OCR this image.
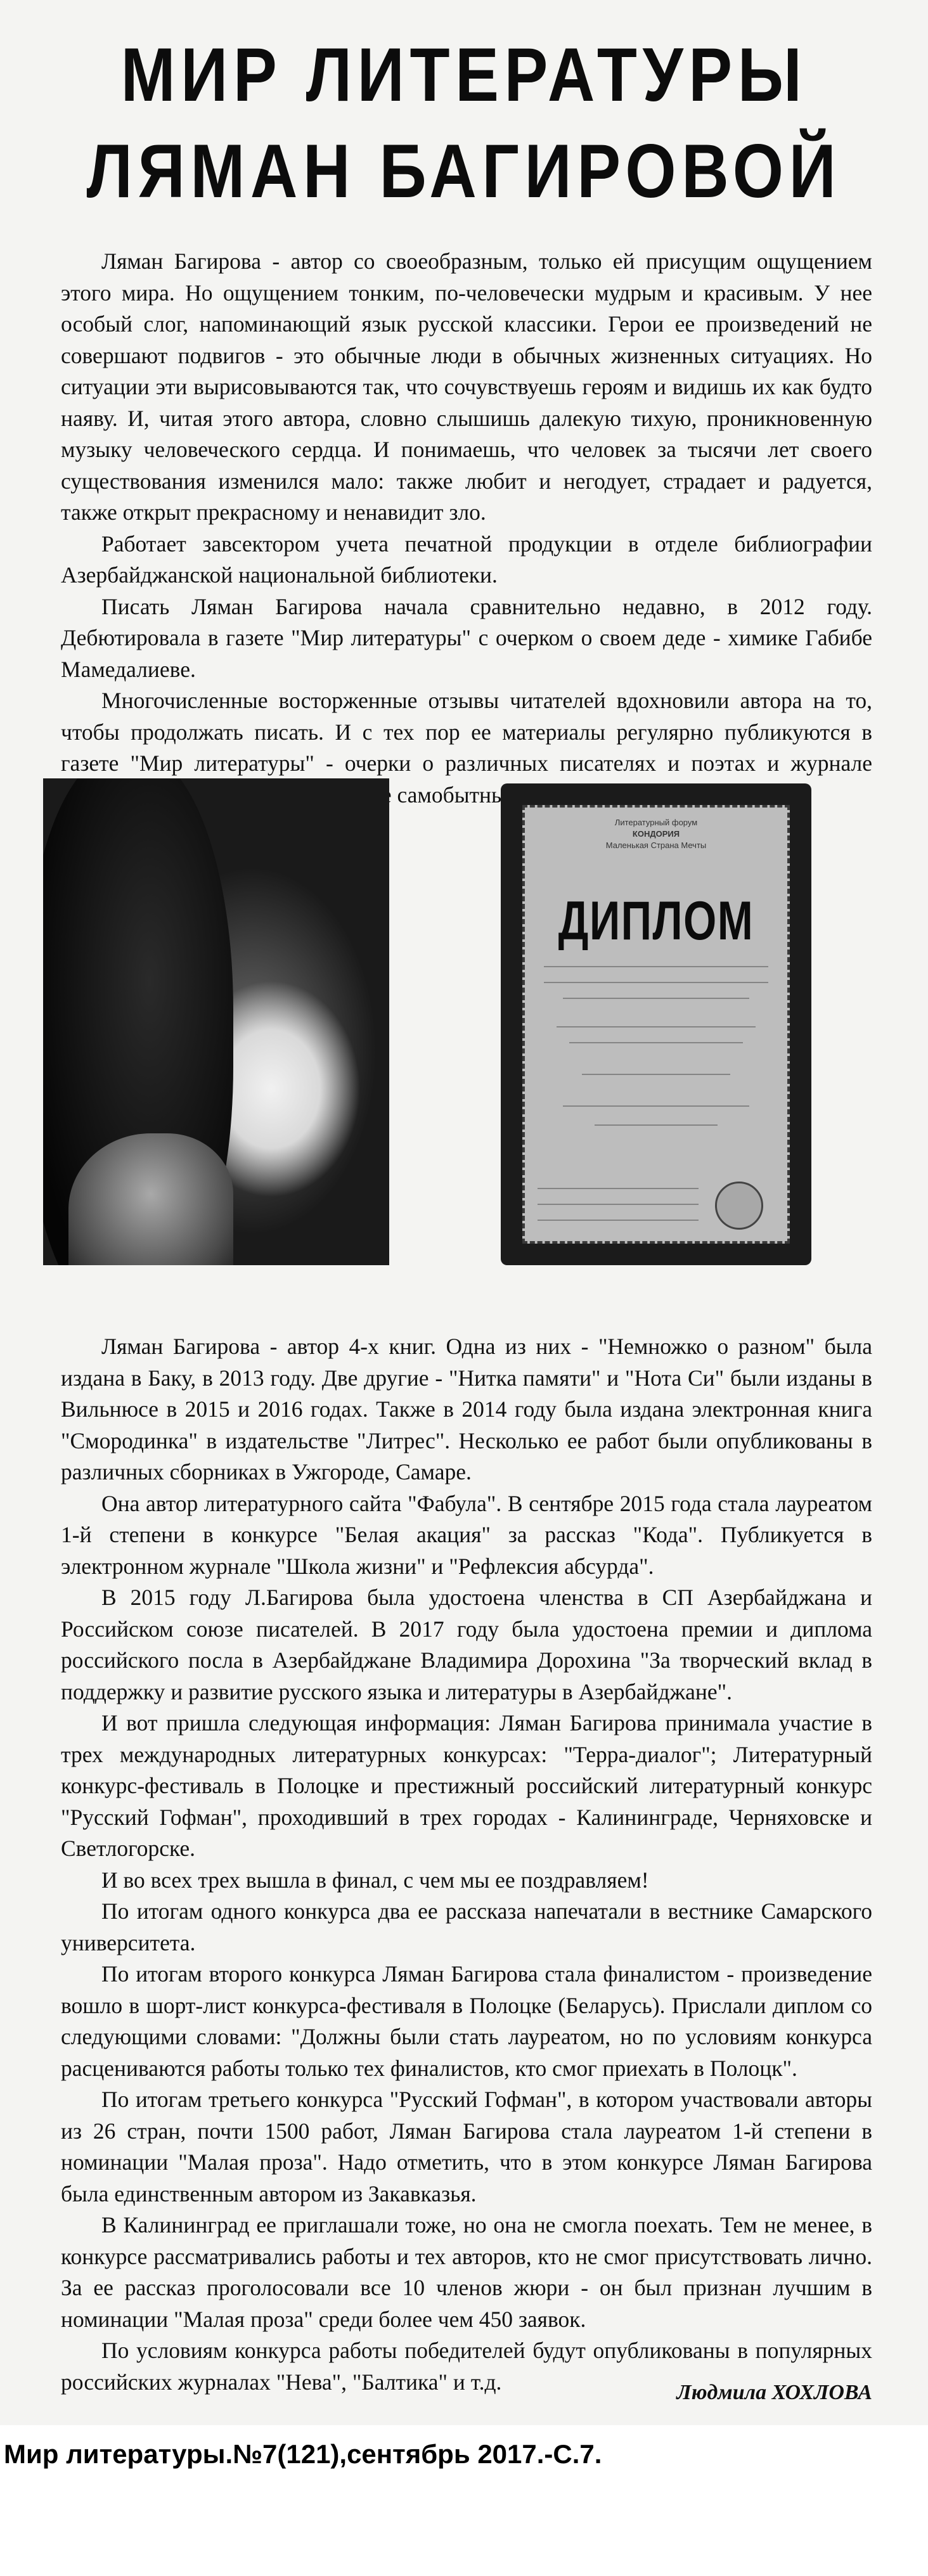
МИР ЛИТЕРАТУРЫ
ЛЯМАН БАГИРОВОЙ

Ляман Багирова - автор со своеобразным, только ей присущим ощущением этого мира. Но ощущением тонким, по-человечески мудрым и красивым. У нее особый слог, напоминающий язык русской классики. Герои ее произведений не совершают подвигов - это обычные люди в обычных жизненных ситуациях. Но ситуации эти вырисовываются так, что сочувствуешь героям и видишь их как будто наяву. И, читая этого автора, словно слышишь далекую тихую, проникновенную музыку человеческого сердца. И понимаешь, что человек за тысячи лет своего существования изменился мало: также любит и негодует, страдает и радуется, также открыт прекрасному и ненавидит зло.

Работает завсектором учета печатной продукции в отделе библиографии Азербайджанской национальной библиотеки.

Писать Ляман Багирова начала сравнительно недавно, в 2012 году. Дебютировала в газете "Мир литературы" с очерком о своем деде - химике Габибе Мамедалиеве.

Многочисленные восторженные отзывы читателей вдохновили автора на то, чтобы продолжать писать. И с тех пор ее материалы регулярно публикуются в газете "Мир литературы" - очерки о различных писателях и поэтах и журнале самобытные

Литературный форум
КОНДОРИЯ
Маленькая Страна Мечты
ДИПЛОМ

Ляман Багирова - автор 4-х книг. Одна из них - "Немножко о разном" была издана в Баку, в 2013 году. Две другие - "Нитка памяти" и "Нота Си" были изданы в Вильнюсе в 2015 и 2016 годах. Также в 2014 году была издана электронная книга "Смородинка" в издательстве "Литрес". Несколько ее работ были опубликованы в различных сборниках в Ужгороде, Самаре.

Она автор литературного сайта "Фабула". В сентябре 2015 года стала лауреатом 1-й степени в конкурсе "Белая акация" за рассказ "Кода". Публикуется в электронном журнале "Школа жизни" и "Рефлексия абсурда".

В 2015 году Л.Багирова была удостоена членства в СП Азербайджана и Российском союзе писателей. В 2017 году была удостоена премии и диплома российского посла в Азербайджане Владимира Дорохина "За творческий вклад в поддержку и развитие русского языка и литературы в Азербайджане".

И вот пришла следующая информация: Ляман Багирова принимала участие в трех международных литературных конкурсах: "Терра-диалог"; Литературный конкурс-фестиваль в Полоцке и престижный российский литературный конкурс "Русский Гофман", проходивший в трех городах - Калининграде, Черняховске и Светлогорске.

И во всех трех вышла в финал, с чем мы ее поздравляем!

По итогам одного конкурса два ее рассказа напечатали в вестнике Самарского университета.

По итогам второго конкурса Ляман Багирова стала финалистом - произведение вошло в шорт-лист конкурса-фестиваля в Полоцке (Беларусь). Прислали диплом со следующими словами: "Должны были стать лауреатом, но по условиям конкурса расцениваются работы только тех финалистов, кто смог приехать в Полоцк".

По итогам третьего конкурса "Русский Гофман", в котором участвовали авторы из 26 стран, почти 1500 работ, Ляман Багирова стала лауреатом 1-й степени в номинации "Малая проза". Надо отметить, что в этом конкурсе Ляман Багирова была единственным автором из Закавказья.

В Калининград ее приглашали тоже, но она не смогла поехать. Тем не менее, в конкурсе рассматривались работы и тех авторов, кто не смог присутствовать лично. За ее рассказ проголосовали все 10 членов жюри - он был признан лучшим в номинации "Малая проза" среди более чем 450 заявок.

По условиям конкурса работы победителей будут опубликованы в популярных российских журналах "Нева", "Балтика" и т.д.	Людмила ХОХЛОВА
Мир литературы.№7(121),сентябрь 2017.-С.7.
